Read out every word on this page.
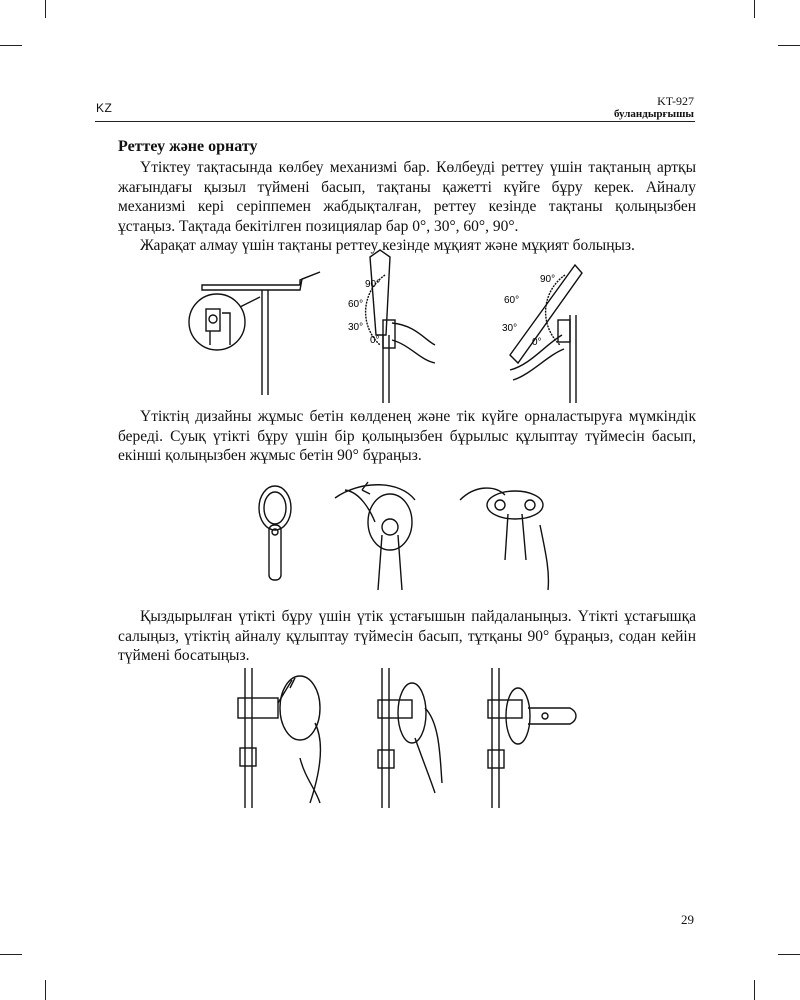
KZ	KT-927
буландырғышы
Реттеу және орнату

Үтіктеу тақтасында көлбеу механизмі бар. Көлбеуді реттеу үшін тақтаның артқы жағындағы қызыл түймені басып, тақтаны қажетті күйге бұру керек. Айналу механизмі кері серіппемен жабдықталған, реттеу кезінде тақтаны қолыңызбен ұстаңыз. Тақтада бекітілген позициялар бар 0°, 30°, 60°, 90°.

Жарақат алмау үшін тақтаны реттеу кезінде мұқият және мұқият болыңыз.

90°
60°
30°
0°
90°
60°
30°
0°

Үтіктің дизайны жұмыс бетін көлденең және тік күйге орналастыруға мүмкіндік береді. Суық үтікті бұру үшін бір қолыңызбен бұрылыс құлыптау түймесін басып, екінші қолыңызбен жұмыс бетін 90° бұраңыз.

Қыздырылған үтікті бұру үшін үтік ұстағышын пайдаланыңыз. Үтікті ұстағышқа салыңыз, үтіктің айналу құлыптау түймесін басып, тұтқаны 90° бұраңыз, содан кейін түймені босатыңыз.

29
